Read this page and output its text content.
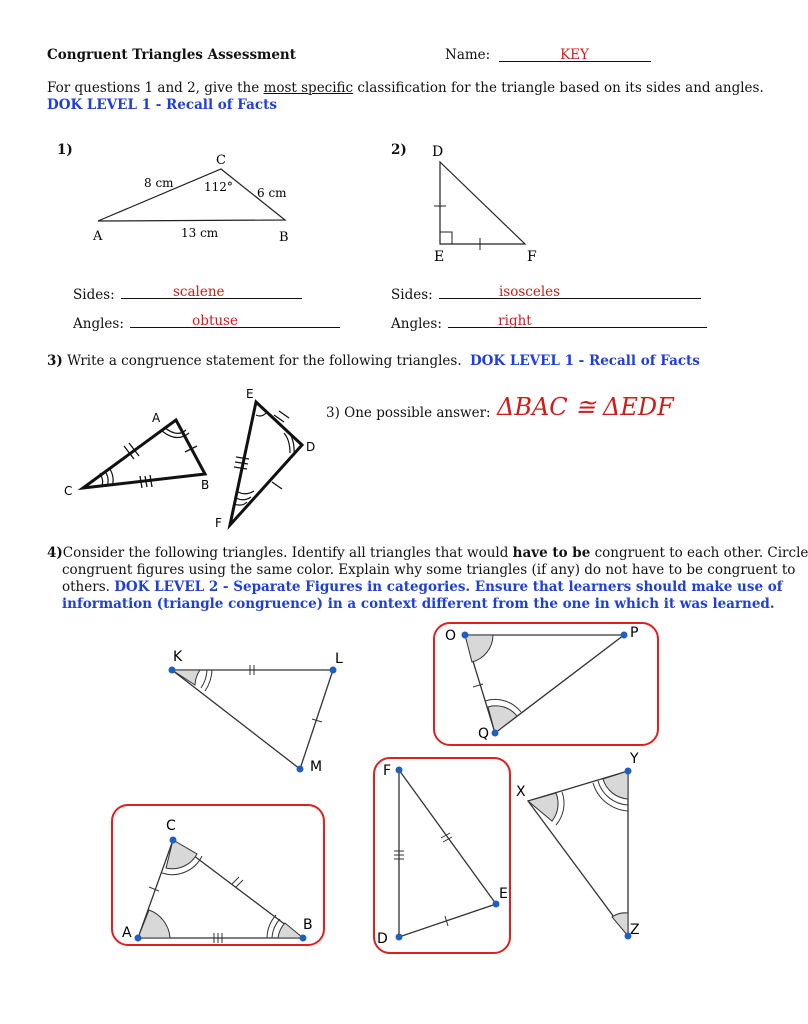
Congruent Triangles Assessment	Name:	KEY
For questions 1 and 2, give the most specific classification for the triangle based on its sides and angles.
DOK LEVEL 1 - Recall of Facts
1)
C
A	B
8 cm
6 cm
13 cm
112°
Sides:	scalene
Angles:	obtuse
2) D
E	F
Sides:	isosceles
Angles:	right
3) Write a congruence statement for the following triangles. DOK LEVEL 1 - Recall of Facts
A
B
C
E
D
F
3) One possible answer: ΔBAC ≅ ΔEDF
4)Consider the following triangles. Identify all triangles that would have to be congruent to each other. Circle
congruent figures using the same color. Explain why some triangles (if any) do not have to be congruent to
others. DOK LEVEL 2 - Separate Figures in categories. Ensure that learners should make use of
information (triangle congruence) in a context different from the one in which it was learned.
K	L
M
O	P
Q
C
A	B
F
D
E
X
Y
Z
